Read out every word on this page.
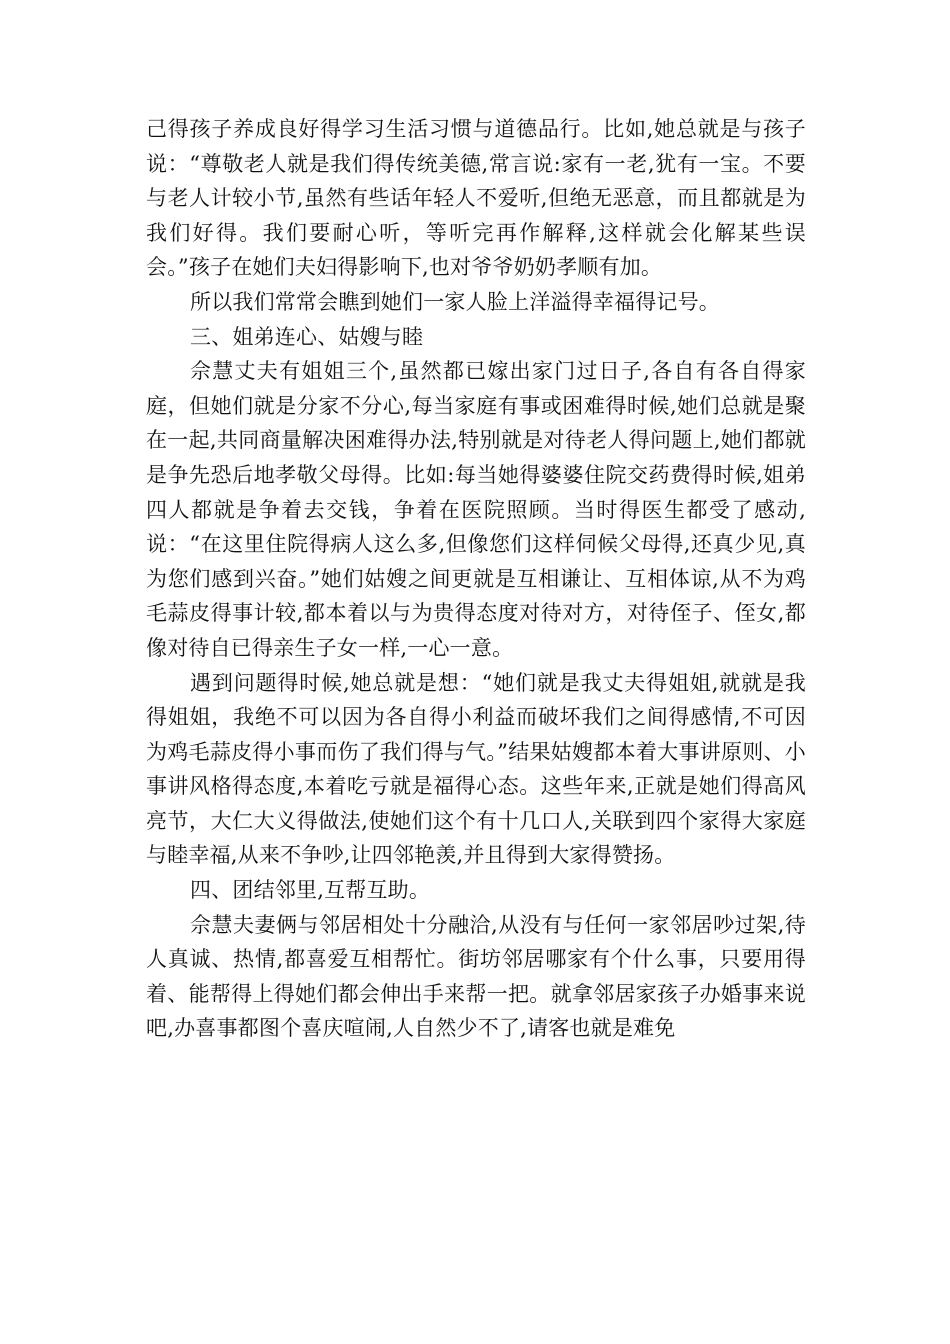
己得孩子养成良好得学习生活习惯与道德品行。比如,她总就是与孩子说：“尊敬老人就是我们得传统美德,常言说:家有一老,犹有一宝。不要与老人计较小节,虽然有些话年轻人不爱听,但绝无恶意，而且都就是为我们好得。我们要耐心听，等听完再作解释,这样就会化解某些误会。”孩子在她们夫妇得影响下,也对爷爷奶奶孝顺有加。

所以我们常常会瞧到她们一家人脸上洋溢得幸福得记号。

三、姐弟连心、姑嫂与睦

佘慧丈夫有姐姐三个,虽然都已嫁出家门过日子,各自有各自得家庭，但她们就是分家不分心,每当家庭有事或困难得时候,她们总就是聚在一起,共同商量解决困难得办法,特别就是对待老人得问题上,她们都就是争先恐后地孝敬父母得。比如:每当她得婆婆住院交药费得时候,姐弟四人都就是争着去交钱，争着在医院照顾。当时得医生都受了感动,说：“在这里住院得病人这么多,但像您们这样伺候父母得,还真少见,真为您们感到兴奋。”她们姑嫂之间更就是互相谦让、互相体谅,从不为鸡毛蒜皮得事计较,都本着以与为贵得态度对待对方，对待侄子、侄女,都像对待自已得亲生子女一样,一心一意。

遇到问题得时候,她总就是想：“她们就是我丈夫得姐姐,就就是我得姐姐，我绝不可以因为各自得小利益而破坏我们之间得感情,不可因为鸡毛蒜皮得小事而伤了我们得与气。”结果姑嫂都本着大事讲原则、小事讲风格得态度,本着吃亏就是福得心态。这些年来,正就是她们得高风亮节，大仁大义得做法,使她们这个有十几口人,关联到四个家得大家庭与睦幸福,从来不争吵,让四邻艳羡,并且得到大家得赞扬。

四、团结邻里,互帮互助。

佘慧夫妻俩与邻居相处十分融洽,从没有与任何一家邻居吵过架,待人真诚、热情,都喜爱互相帮忙。街坊邻居哪家有个什么事，只要用得着、能帮得上得她们都会伸出手来帮一把。就拿邻居家孩子办婚事来说吧,办喜事都图个喜庆喧闹,人自然少不了,请客也就是难免
